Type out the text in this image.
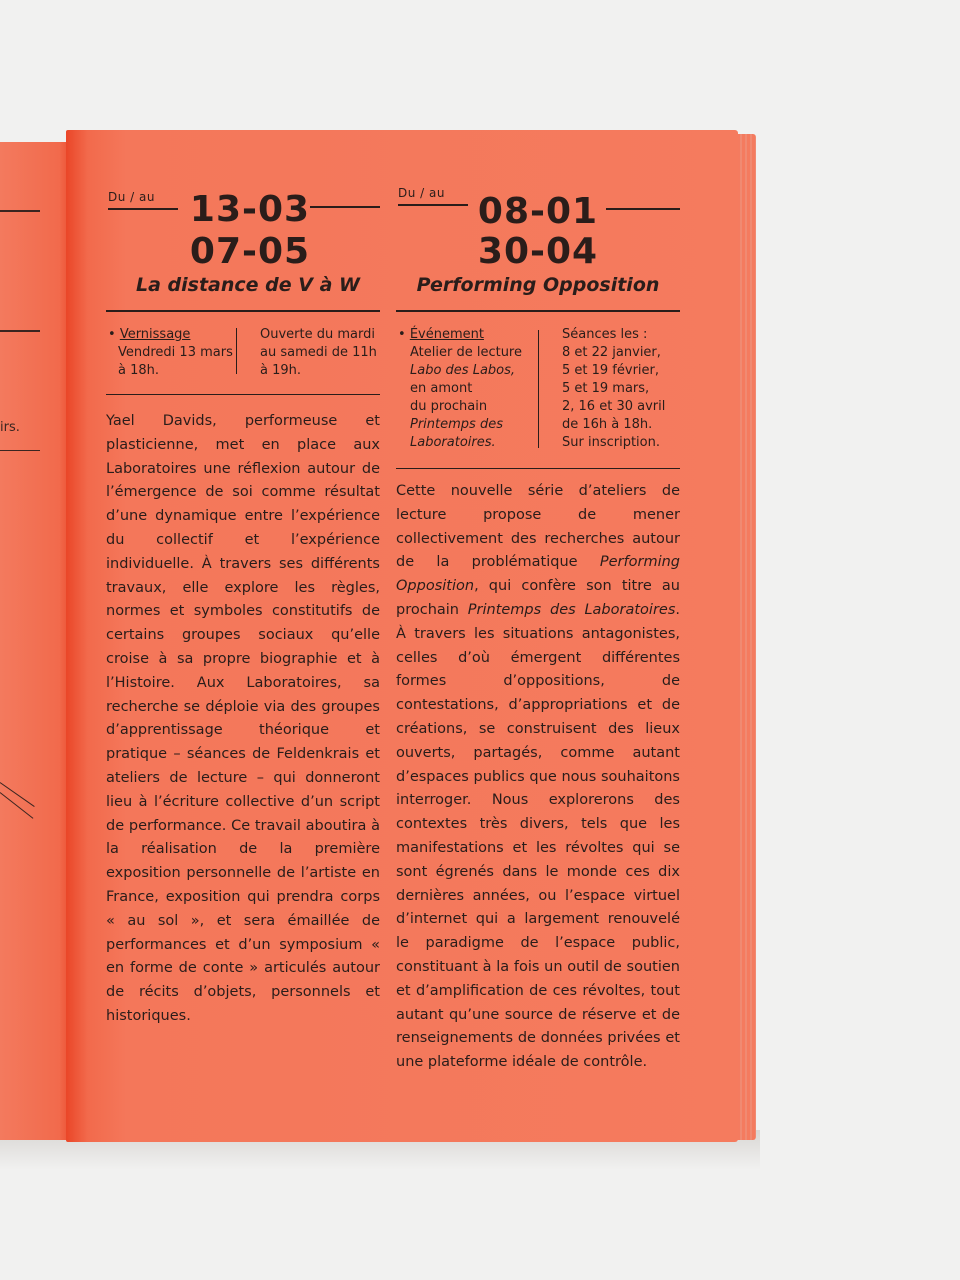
irs.
Du / au 13-03
07-05
La distance de V à W
• Vernissage
Vendredi 13 mars
à 18h.
Ouverte du mardi
au samedi de 11h
à 19h.
Yael Davids, performeuse et plasticienne, met en place aux Laboratoires une réflexion autour de l’émergence de soi comme résultat d’une dynamique entre l’expérience du collectif et l’expérience individuelle. À travers ses différents travaux, elle explore les règles, normes et symboles constitutifs de certains groupes sociaux qu’elle croise à sa propre biographie et à l’Histoire. Aux Laboratoires, sa recherche se déploie via des groupes d’apprentissage théorique et pratique – séances de Feldenkrais et ateliers de lecture – qui donneront lieu à l’écriture collective d’un script de performance. Ce travail aboutira à la réalisation de la première exposition personnelle de l’artiste en France, exposition qui prendra corps « au sol », et sera émaillée de performances et d’un symposium « en forme de conte » articulés autour de récits d’objets, personnels et historiques.
Du / au 08-01
30-04
Performing Opposition
• Événement
Atelier de lecture
Labo des Labos,
en amont
du prochain
Printemps des
Laboratoires.
Séances les :
8 et 22 janvier,
5 et 19 février,
5 et 19 mars,
2, 16 et 30 avril
de 16h à 18h.
Sur inscription.
Cette nouvelle série d’ateliers de lecture propose de mener collectivement des recherches autour de la problématique Performing Opposition, qui confère son titre au prochain Printemps des Laboratoires. À travers les situations antagonistes, celles d’où émergent différentes formes d’oppositions, de contestations, d’appropriations et de créations, se construisent des lieux ouverts, partagés, comme autant d’espaces publics que nous souhaitons interroger. Nous explorerons des contextes très divers, tels que les manifestations et les révoltes qui se sont égrenés dans le monde ces dix dernières années, ou l’espace virtuel d’internet qui a largement renouvelé le paradigme de l’espace public, constituant à la fois un outil de soutien et d’amplification de ces révoltes, tout autant qu’une source de réserve et de renseignements de données privées et une plateforme idéale de contrôle.
